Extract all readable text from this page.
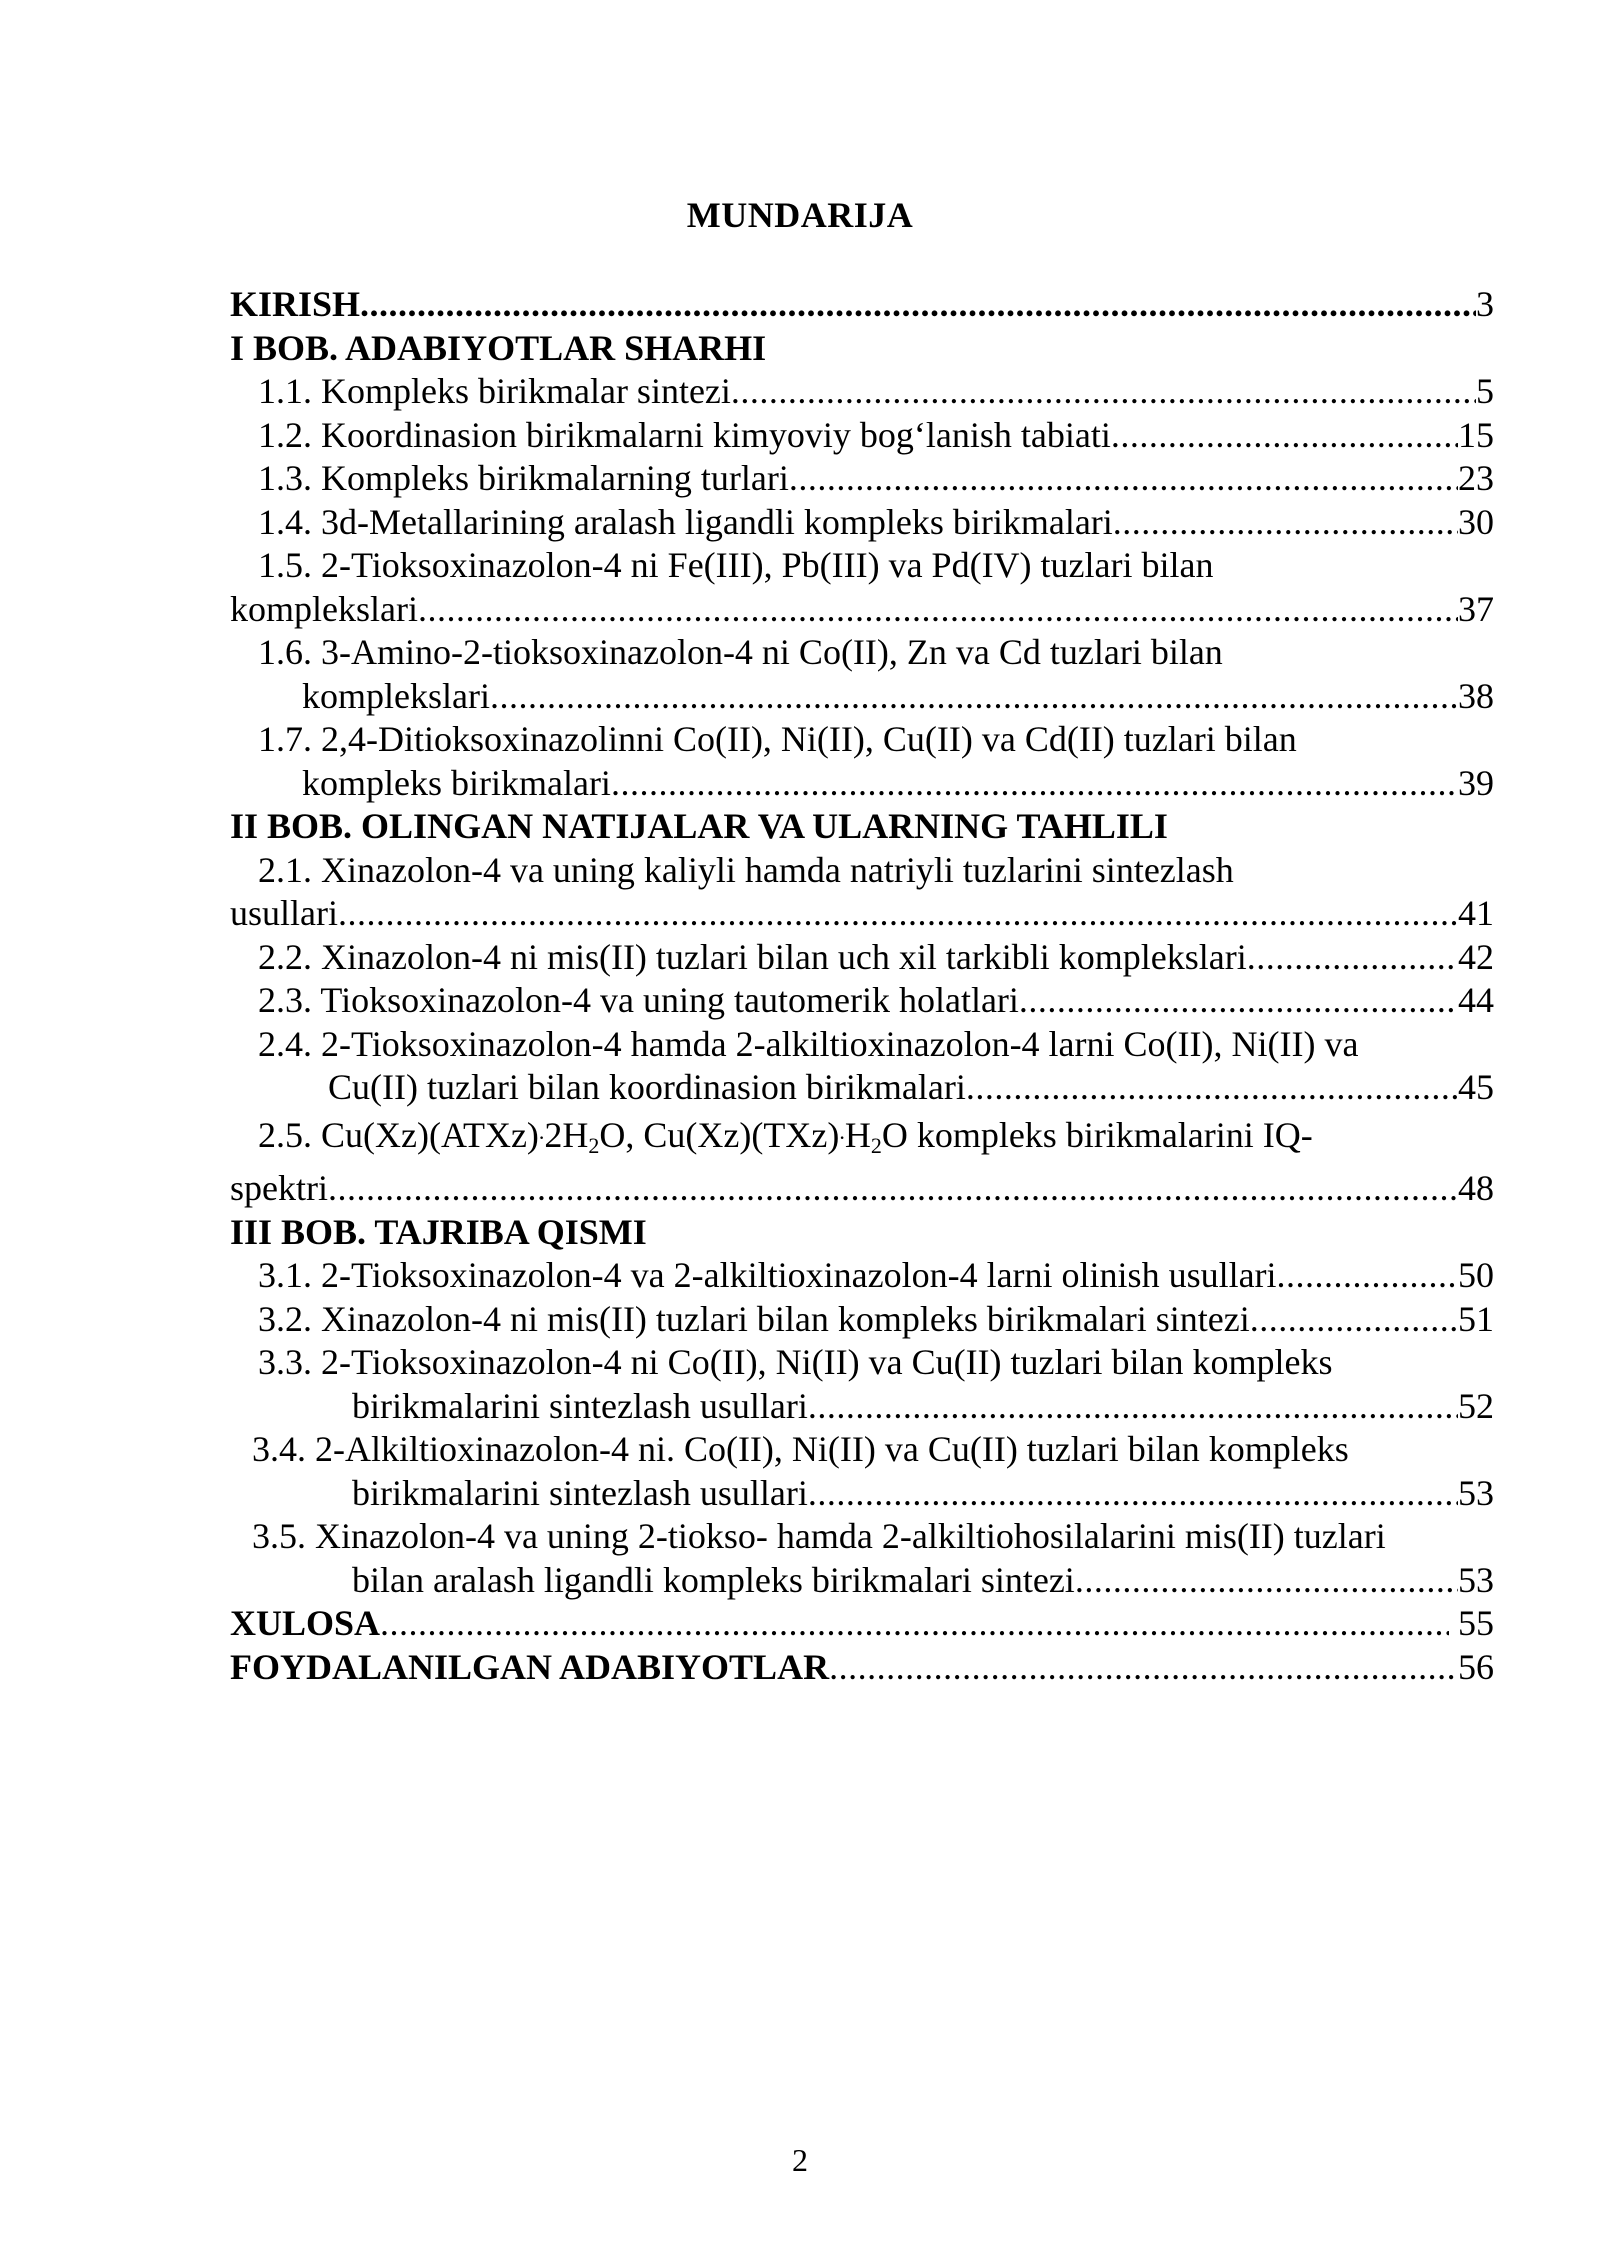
MUNDARIJA
KIRISH .....	3
I BOB. ADABIYOTLAR SHARHI
1.1. Kompleks birikmalar sintezi .....	5
1.2. Koordinasion birikmalarni kimyoviy bog‘lanish tabiati .....	15
1.3. Kompleks birikmalarning turlari .....	23
1.4. 3d-Metallarining aralash ligandli kompleks birikmalari .....	30
1.5. 2-Tioksoxinazolon-4 ni Fe(III), Pb(III) va Pd(IV) tuzlari bilan
komplekslari .....	37
1.6. 3-Amino-2-tioksoxinazolon-4 ni Co(II), Zn va Cd tuzlari bilan
komplekslari .....	38
1.7. 2,4-Ditioksoxinazolinni Co(II), Ni(II), Cu(II) va Cd(II) tuzlari bilan
kompleks birikmalari .....	39
II BOB. OLINGAN NATIJALAR VA ULARNING TAHLILI
2.1. Xinazolon-4 va uning kaliyli hamda natriyli tuzlarini sintezlash
usullari .....	41
2.2. Xinazolon-4 ni mis(II) tuzlari bilan uch xil tarkibli komplekslari .....	42
2.3. Tioksoxinazolon-4 va uning tautomerik holatlari .....	44
2.4. 2-Tioksoxinazolon-4 hamda 2-alkiltioxinazolon-4 larni Co(II), Ni(II) va
Cu(II) tuzlari bilan koordinasion birikmalari .....	45
2.5. $Cu(Xz)(ATXz)^.2H_2O$, $Cu(Xz)(TXz)^.H_2O$ kompleks birikmalarini IQ-
spektri .....	48
III BOB. TAJRIBA QISMI
3.1. 2-Tioksoxinazolon-4 va 2-alkiltioxinazolon-4 larni olinish usullari .....	50
3.2. Xinazolon-4 ni mis(II) tuzlari bilan kompleks birikmalari sintezi .....	51
3.3. 2-Tioksoxinazolon-4 ni Co(II), Ni(II) va Cu(II) tuzlari bilan kompleks
birikmalarini sintezlash usullari .....	52
3.4. 2-Alkiltioxinazolon-4 ni. Co(II), Ni(II) va Cu(II) tuzlari bilan kompleks
birikmalarini sintezlash usullari .....	53
3.5. Xinazolon-4 va uning 2-tiokso- hamda 2-alkiltiohosilalarini mis(II) tuzlari
bilan aralash ligandli kompleks birikmalari sintezi .....	53
XULOSA .....	55
FOYDALANILGAN ADABIYOTLAR .....	56
2
